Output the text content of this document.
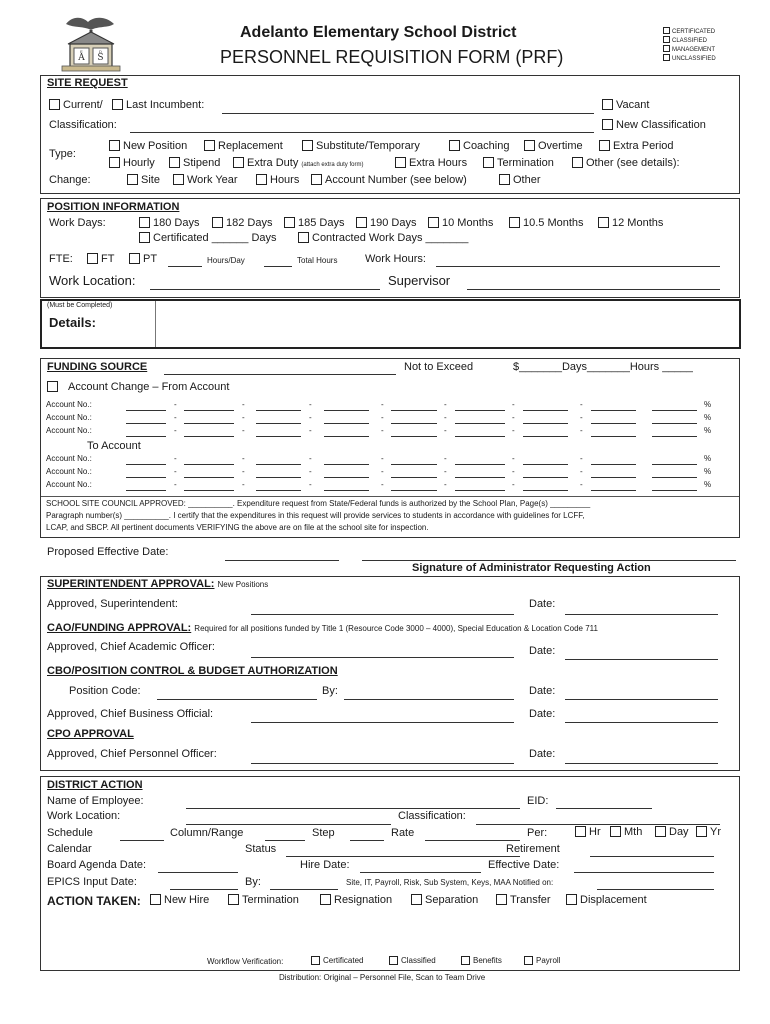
A S
E	D
Adelanto Elementary School District
PERSONNEL REQUISITION FORM (PRF)
CERTIFICATED
CLASSIFIED
MANAGEMENT
UNCLASSIFIED
SITE REQUEST
Current/	Last Incumbent:	Vacant
Classification:	New Classification
Type:
Change:
New Position	Replacement	Substitute/Temporary	Coaching	Overtime	Extra Period
Hourly	Stipend	Extra Duty (attach extra duty form)	Extra Hours	Termination	Other (see details):
Site	Work Year	Hours	Account Number (see below)	Other
POSITION INFORMATION
Work Days:	180 Days	182 Days	185 Days	190 Days	10 Months	10.5 Months	12 Months
Certificated ______ Days	Contracted Work Days _______
FTE:	FT	PT	Hours/Day	Total Hours	Work Hours:
Work Location:	Supervisor
(Must be Completed)
Details:
FUNDING SOURCE	Not to Exceed	$_______Days_______Hours _____
Account Change – From Account
Account No.:	-	-	-	-	-	-	-	%
Account No.:	-	-	-	-	-	-	-	%
Account No.:	-	-	-	-	-	-	-	%
To Account
Account No.:	-	-	-	-	-	-	-	%
Account No.:	-	-	-	-	-	-	-	%
Account No.:	-	-	-	-	-	-	-	%
SCHOOL SITE COUNCIL APPROVED: __________. Expenditure request from State/Federal funds is authorized by the School Plan, Page(s) _________
Paragraph number(s) __________. I certify that the expenditures in this request will provide services to students in accordance with guidelines for LCFF,
LCAP, and SBCP. All pertinent documents VERIFYING the above are on file at the school site for inspection.
Proposed Effective Date:
Signature of Administrator Requesting Action
SUPERINTENDENT APPROVAL: New Positions
Approved, Superintendent:	Date:
CAO/FUNDING APPROVAL: Required for all positions funded by Title 1 (Resource Code 3000 – 4000), Special Education & Location Code 711
Approved, Chief Academic Officer:	Date:
CBO/POSITION CONTROL & BUDGET AUTHORIZATION
Position Code:	By:	Date:
Approved, Chief Business Official:	Date:
CPO APPROVAL
Approved, Chief Personnel Officer:	Date:
DISTRICT ACTION
Name of Employee:	EID:
Work Location:	Classification:
Schedule	Column/Range	Step	Rate	Per:	Hr	Mth	Day	Yr
Calendar	Status	Retirement
Board Agenda Date:	Hire Date:	Effective Date:
EPICS Input Date:	By:	Site, IT, Payroll, Risk, Sub System, Keys, MAA Notified on:
ACTION TAKEN:	New Hire	Termination	Resignation	Separation	Transfer	Displacement
Workflow Verification:	Certificated	Classified	Benefits	Payroll
Distribution: Original – Personnel File, Scan to Team Drive
